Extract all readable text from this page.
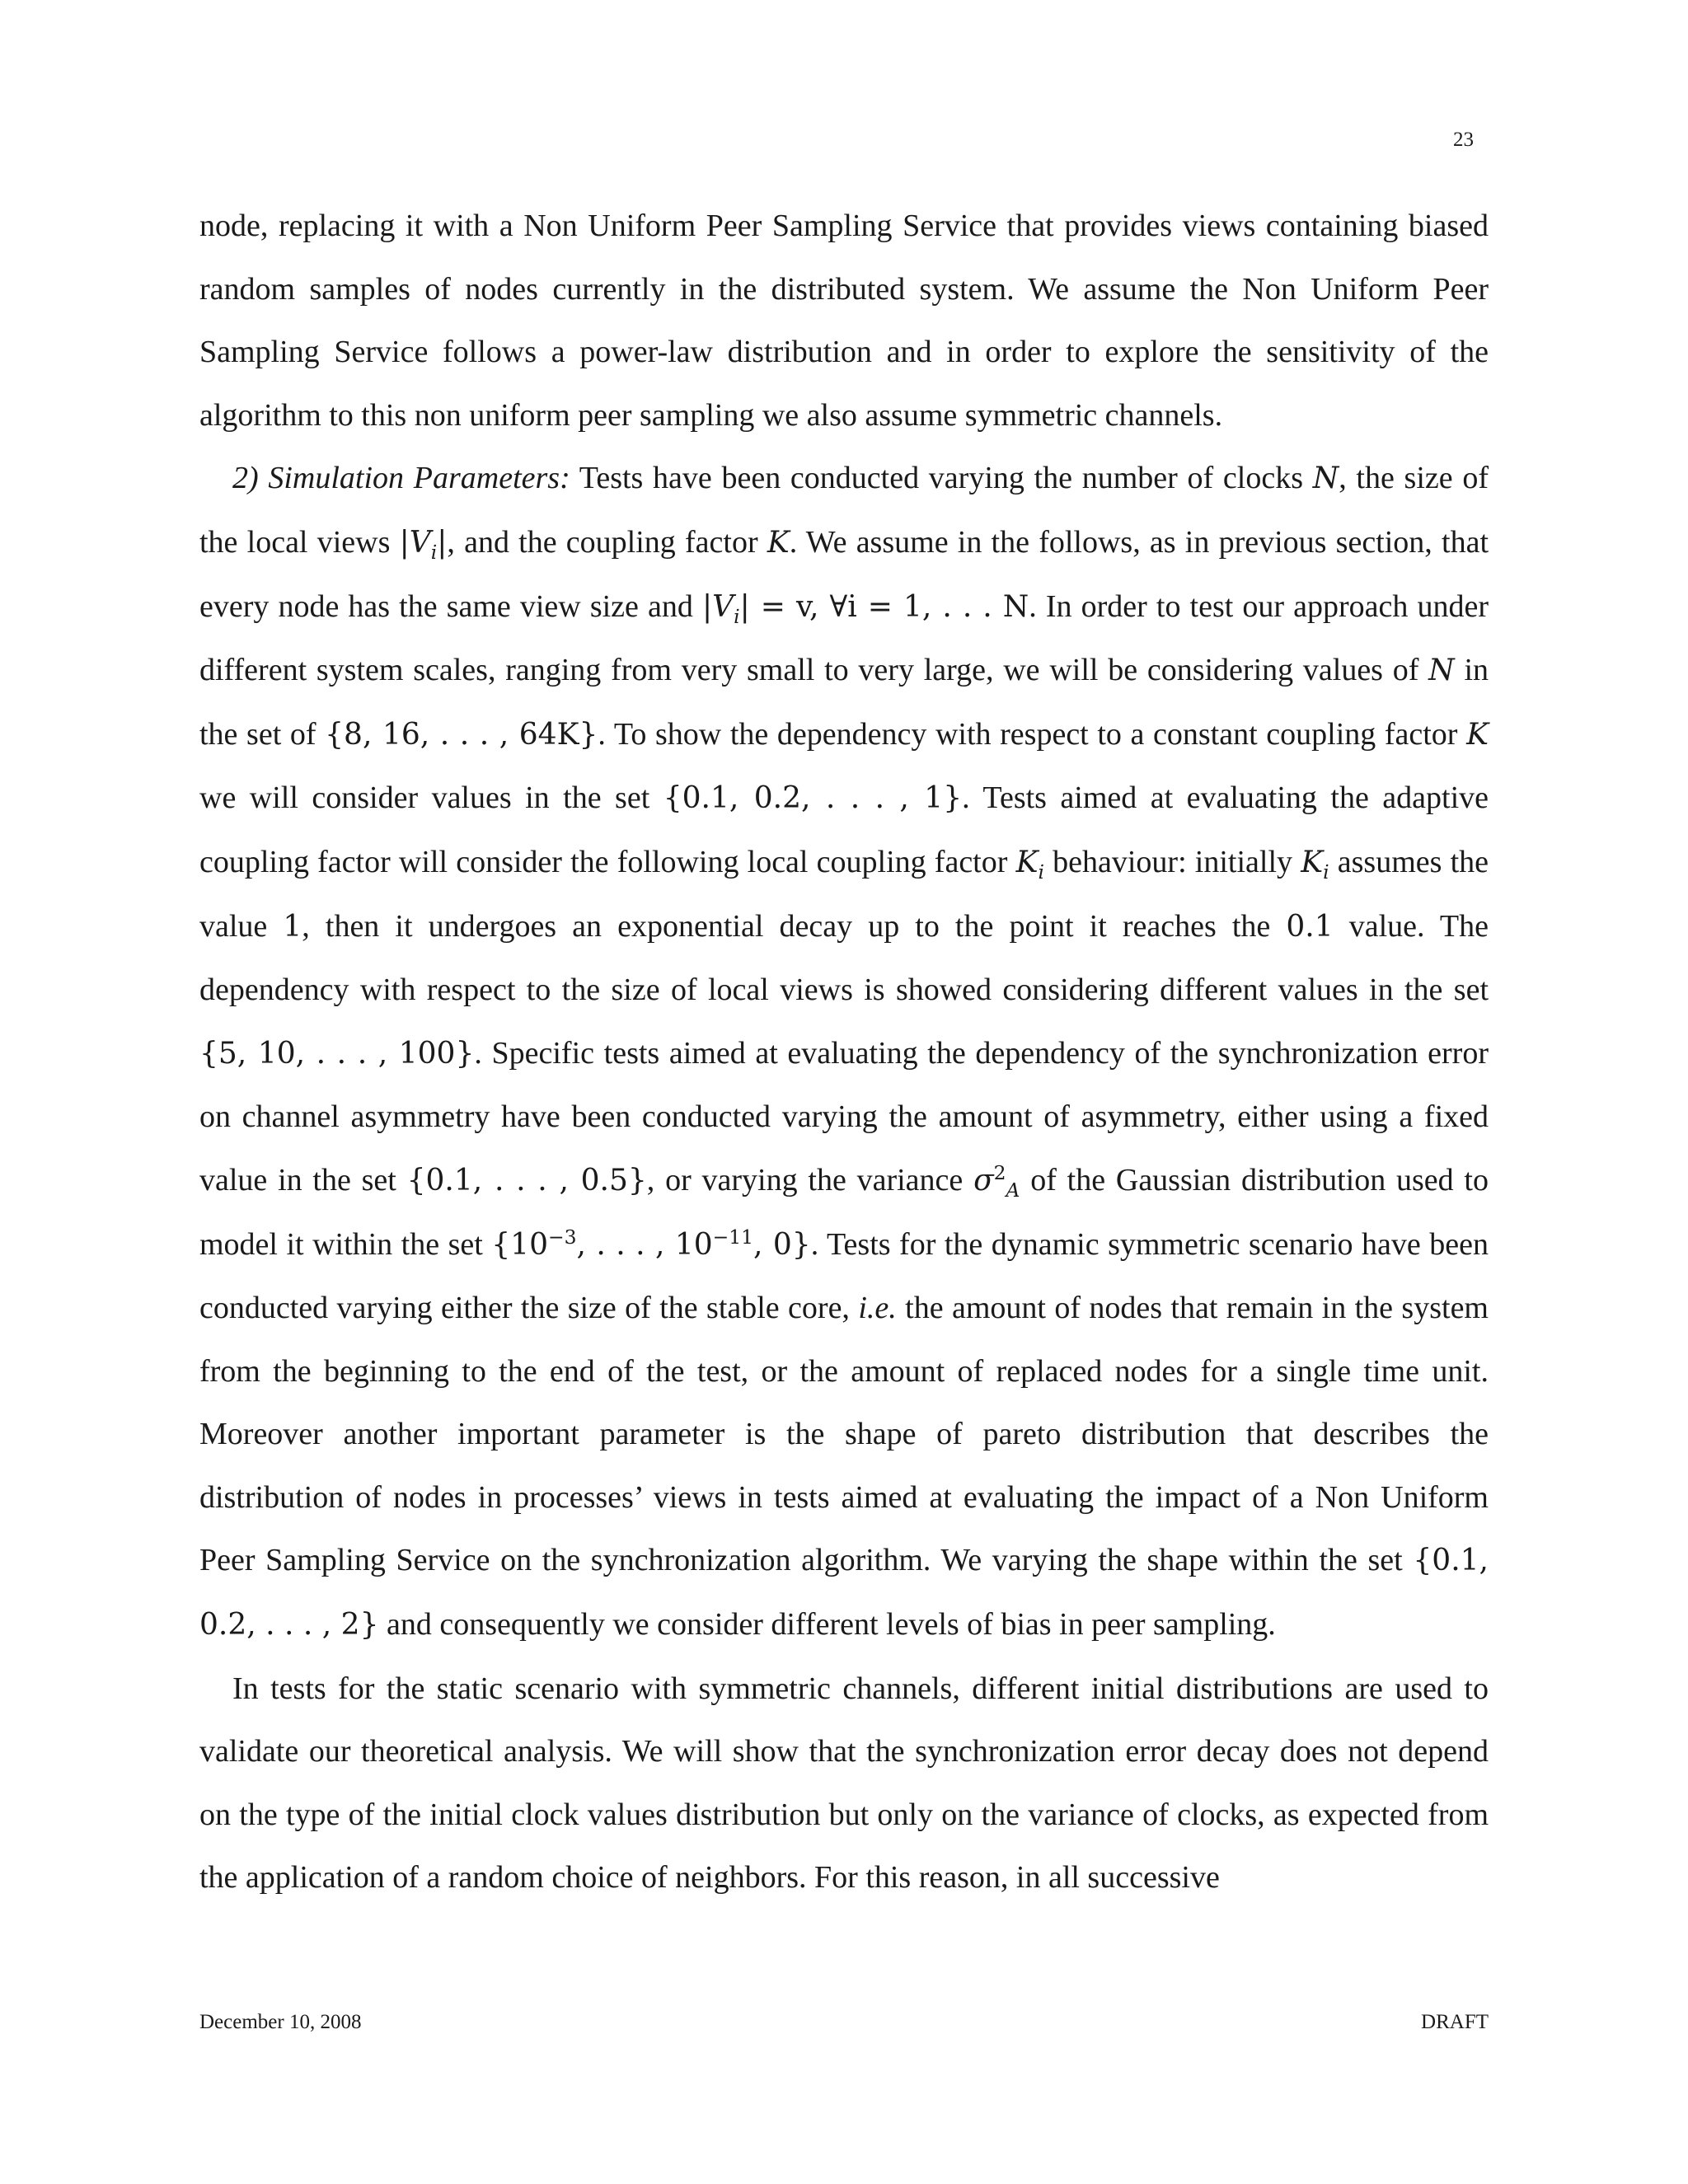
23

node, replacing it with a Non Uniform Peer Sampling Service that provides views containing biased random samples of nodes currently in the distributed system. We assume the Non Uniform Peer Sampling Service follows a power-law distribution and in order to explore the sensitivity of the algorithm to this non uniform peer sampling we also assume symmetric channels.

2) Simulation Parameters: Tests have been conducted varying the number of clocks N, the size of the local views $|V_i|$, and the coupling factor K. We assume in the follows, as in previous section, that every node has the same view size and $|V_i| = v$, ∀i = 1, . . . N. In order to test our approach under different system scales, ranging from very small to very large, we will be considering values of N in the set of {8, 16, . . . , 64K}. To show the dependency with respect to a constant coupling factor K we will consider values in the set {0.1, 0.2, . . . , 1}. Tests aimed at evaluating the adaptive coupling factor will consider the following local coupling factor $K_i$ behaviour: initially $K_i$ assumes the value 1, then it undergoes an exponential decay up to the point it reaches the 0.1 value. The dependency with respect to the size of local views is showed considering different values in the set {5, 10, . . . , 100}. Specific tests aimed at evaluating the dependency of the synchronization error on channel asymmetry have been conducted varying the amount of asymmetry, either using a fixed value in the set {0.1, . . . , 0.5}, or varying the variance $\sigma^2_A$ of the Gaussian distribution used to model it within the set {$10^{-3}$, . . . , $10^{-11}$, 0}. Tests for the dynamic symmetric scenario have been conducted varying either the size of the stable core, i.e. the amount of nodes that remain in the system from the beginning to the end of the test, or the amount of replaced nodes for a single time unit. Moreover another important parameter is the shape of pareto distribution that describes the distribution of nodes in processes’ views in tests aimed at evaluating the impact of a Non Uniform Peer Sampling Service on the synchronization algorithm. We varying the shape within the set {0.1, 0.2, . . . , 2} and consequently we consider different levels of bias in peer sampling.

In tests for the static scenario with symmetric channels, different initial distributions are used to validate our theoretical analysis. We will show that the synchronization error decay does not depend on the type of the initial clock values distribution but only on the variance of clocks, as expected from the application of a random choice of neighbors. For this reason, in all successive

December 10, 2008	DRAFT
